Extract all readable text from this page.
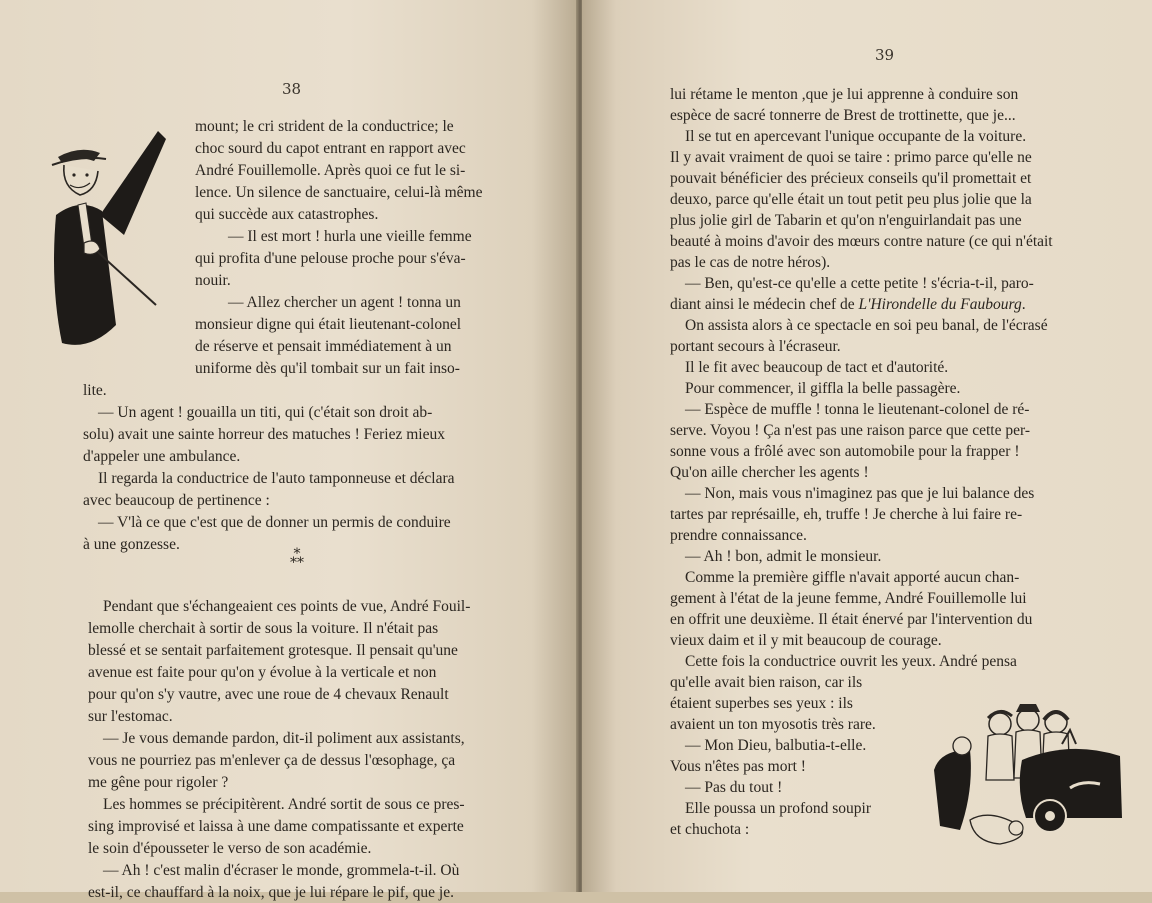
38
mount; le cri strident de la conductrice; le
choc sourd du capot entrant en rapport avec
André Fouillemolle. Après quoi ce fut le si-
lence. Un silence de sanctuaire, celui-là même
qui succède aux catastrophes.
— Il est mort ! hurla une vieille femme
qui profita d'une pelouse proche pour s'éva-
nouir.
— Allez chercher un agent ! tonna un
monsieur digne qui était lieutenant-colonel
de réserve et pensait immédiatement à un
uniforme dès qu'il tombait sur un fait inso-
lite.
— Un agent ! gouailla un titi, qui (c'était son droit ab-
solu) avait une sainte horreur des matuches ! Feriez mieux
d'appeler une ambulance.
Il regarda la conductrice de l'auto tamponneuse et déclara
avec beaucoup de pertinence :
— V'là ce que c'est que de donner un permis de conduire
à une gonzesse.
*
**
Pendant que s'échangeaient ces points de vue, André Fouil-
lemolle cherchait à sortir de sous la voiture. Il n'était pas
blessé et se sentait parfaitement grotesque. Il pensait qu'une
avenue est faite pour qu'on y évolue à la verticale et non
pour qu'on s'y vautre, avec une roue de 4 chevaux Renault
sur l'estomac.
— Je vous demande pardon, dit-il poliment aux assistants,
vous ne pourriez pas m'enlever ça de dessus l'œsophage, ça
me gêne pour rigoler ?
Les hommes se précipitèrent. André sortit de sous ce pres-
sing improvisé et laissa à une dame compatissante et experte
le soin d'épousseter le verso de son académie.
— Ah ! c'est malin d'écraser le monde, grommela-t-il. Où
est-il, ce chauffard à la noix, que je lui répare le pif, que je.
39
lui rétame le menton ,que je lui apprenne à conduire son
espèce de sacré tonnerre de Brest de trottinette, que je...
Il se tut en apercevant l'unique occupante de la voiture.
Il y avait vraiment de quoi se taire : primo parce qu'elle ne
pouvait bénéficier des précieux conseils qu'il promettait et
deuxo, parce qu'elle était un tout petit peu plus jolie que la
plus jolie girl de Tabarin et qu'on n'enguirlandait pas une
beauté à moins d'avoir des mœurs contre nature (ce qui n'était
pas le cas de notre héros).
— Ben, qu'est-ce qu'elle a cette petite ! s'écria-t-il, paro-
diant ainsi le médecin chef de L'Hirondelle du Faubourg.
On assista alors à ce spectacle en soi peu banal, de l'écrasé
portant secours à l'écraseur.
Il le fit avec beaucoup de tact et d'autorité.
Pour commencer, il giffla la belle passagère.
— Espèce de muffle ! tonna le lieutenant-colonel de ré-
serve. Voyou ! Ça n'est pas une raison parce que cette per-
sonne vous a frôlé avec son automobile pour la frapper !
Qu'on aille chercher les agents !
— Non, mais vous n'imaginez pas que je lui balance des
tartes par représaille, eh, truffe ! Je cherche à lui faire re-
prendre connaissance.
— Ah ! bon, admit le monsieur.
Comme la première giffle n'avait apporté aucun chan-
gement à l'état de la jeune femme, André Fouillemolle lui
en offrit une deuxième. Il était énervé par l'intervention du
vieux daim et il y mit beaucoup de courage.
Cette fois la conductrice ouvrit les yeux. André pensa
qu'elle avait bien raison, car ils
étaient superbes ses yeux : ils
avaient un ton myosotis très rare.
— Mon Dieu, balbutia-t-elle.
Vous n'êtes pas mort !
— Pas du tout !
Elle poussa un profond soupir
et chuchota :
